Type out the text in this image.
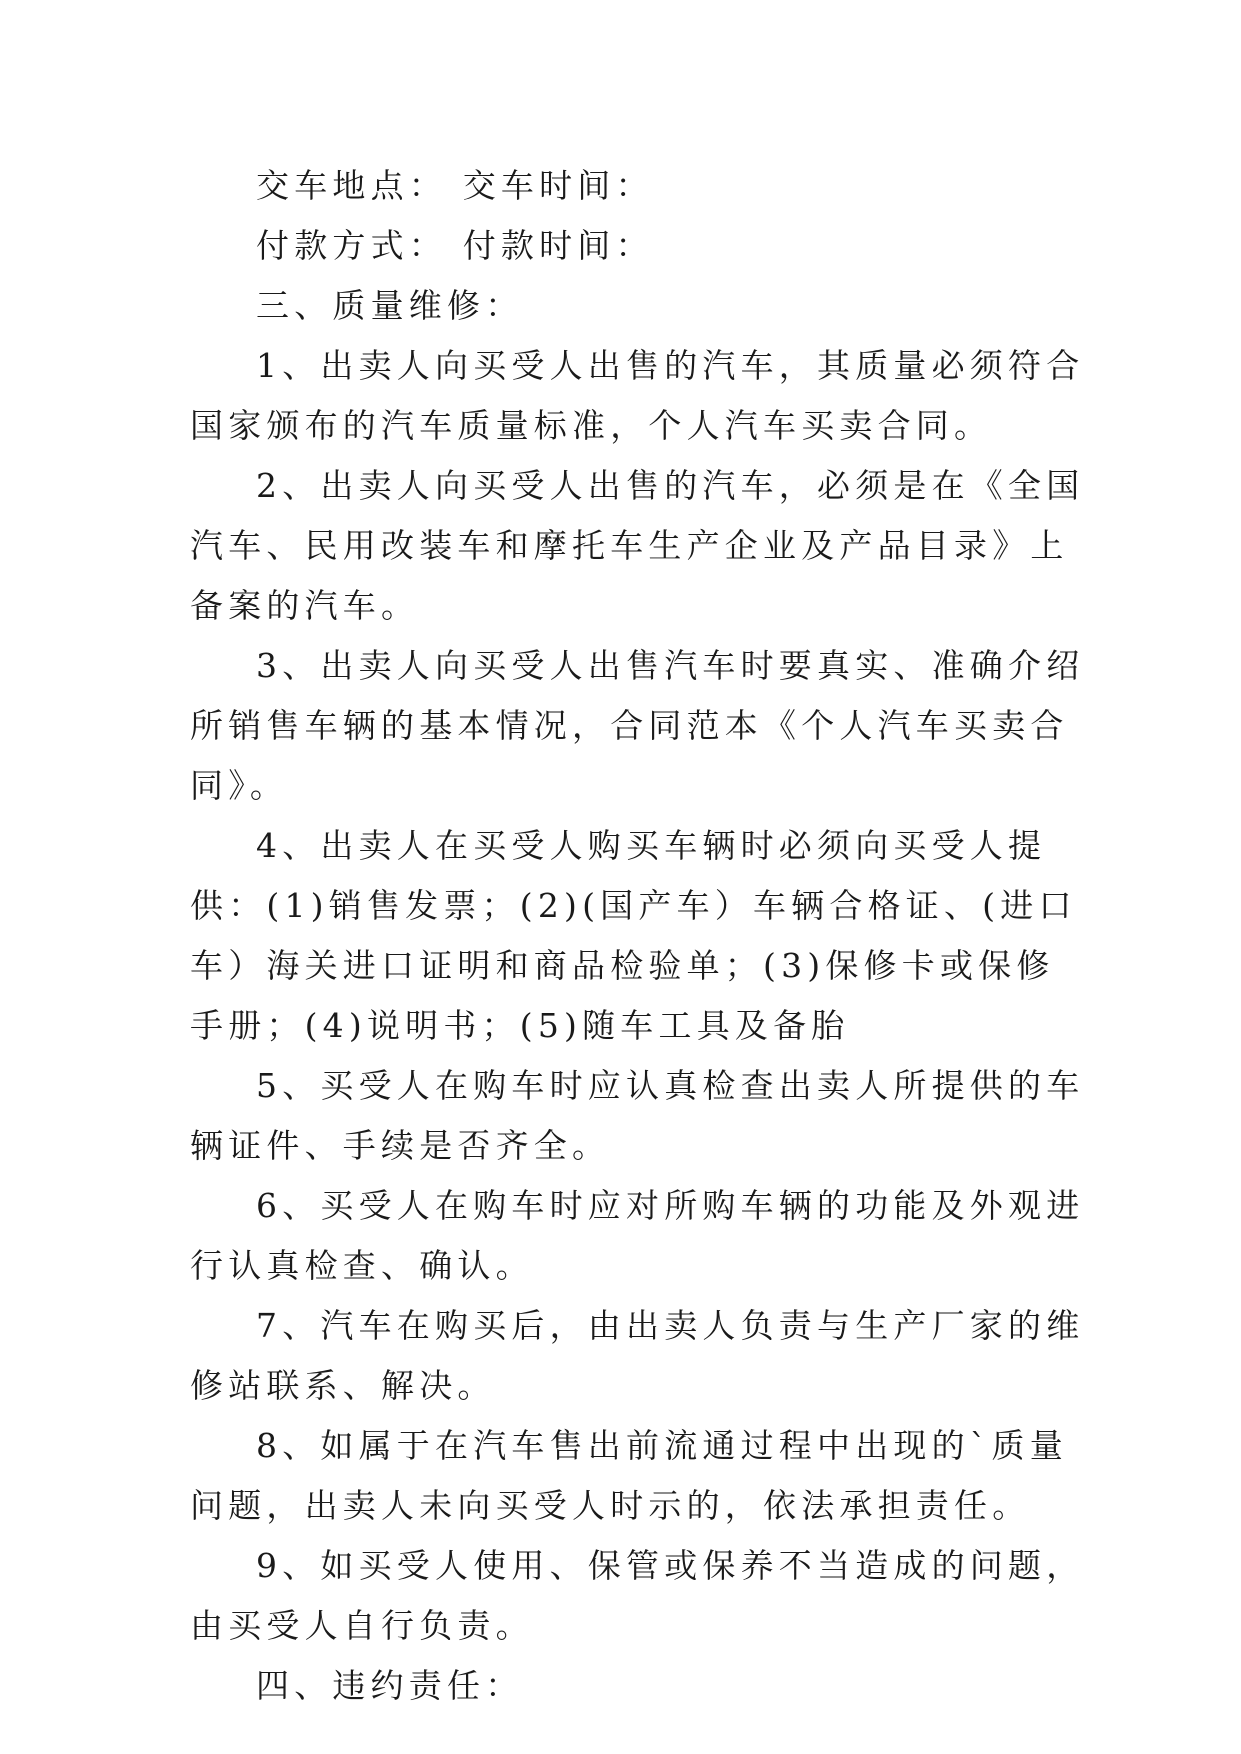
交车地点： 交车时间：

付款方式： 付款时间：

三、质量维修：

1、出卖人向买受人出售的汽车，其质量必须符合国家颁布的汽车质量标准，个人汽车买卖合同。

2、出卖人向买受人出售的汽车，必须是在《全国汽车、民用改装车和摩托车生产企业及产品目录》上备案的汽车。

3、出卖人向买受人出售汽车时要真实、准确介绍所销售车辆的基本情况，合同范本《个人汽车买卖合同》。

4、出卖人在买受人购买车辆时必须向买受人提供：(1)销售发票；(2)(国产车）车辆合格证、(进口车）海关进口证明和商品检验单；(3)保修卡或保修手册；(4)说明书；(5)随车工具及备胎

5、买受人在购车时应认真检查出卖人所提供的车辆证件、手续是否齐全。

6、买受人在购车时应对所购车辆的功能及外观进行认真检查、确认。

7、汽车在购买后，由出卖人负责与生产厂家的维修站联系、解决。

8、如属于在汽车售出前流通过程中出现的`质量问题，出卖人未向买受人时示的，依法承担责任。

9、如买受人使用、保管或保养不当造成的问题，由买受人自行负责。

四、违约责任：
